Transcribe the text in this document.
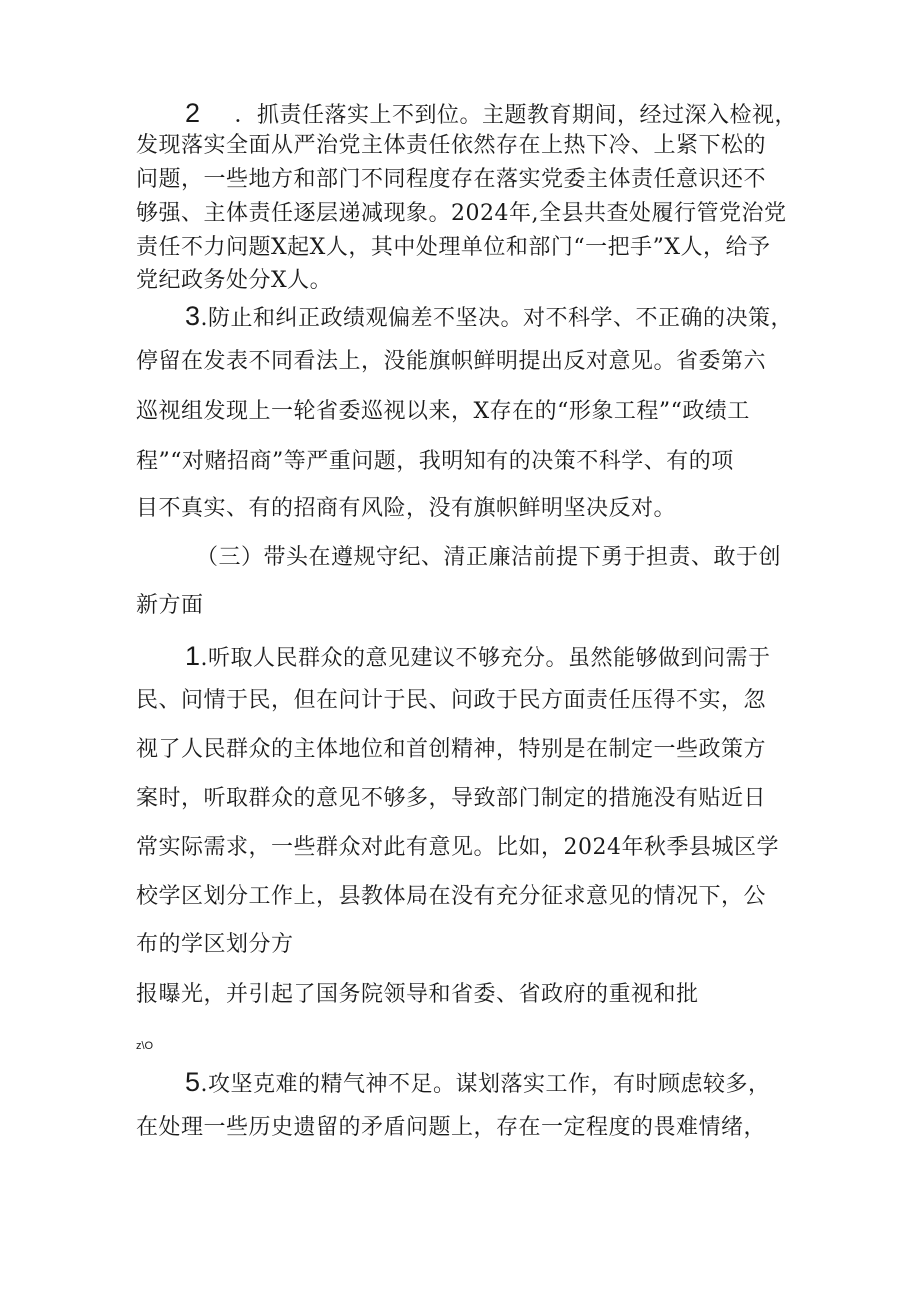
2 ．抓责任落实上不到位。主题教育期间，经过深入检视，
发现落实全面从严治党主体责任依然存在上热下冷、上紧下松的
问题，一些地方和部门不同程度存在落实党委主体责任意识还不
够强、主体责任逐层递减现象。2024年,全县共查处履行管党治党
责任不力问题X起X人，其中处理单位和部门“一把手”X人，给予
党纪政务处分X人。
3.防止和纠正政绩观偏差不坚决。对不科学、不正确的决策，
停留在发表不同看法上，没能旗帜鲜明提出反对意见。省委第六
巡视组发现上一轮省委巡视以来，X存在的“形象工程”“政绩工
程”“对赌招商”等严重问题，我明知有的决策不科学、有的项
目不真实、有的招商有风险，没有旗帜鲜明坚决反对。
（三）带头在遵规守纪、清正廉洁前提下勇于担责、敢于创
新方面
1.听取人民群众的意见建议不够充分。虽然能够做到问需于
民、问情于民，但在问计于民、问政于民方面责任压得不实，忽
视了人民群众的主体地位和首创精神，特别是在制定一些政策方
案时，听取群众的意见不够多，导致部门制定的措施没有贴近日
常实际需求，一些群众对此有意见。比如，2024年秋季县城区学
校学区划分工作上，县教体局在没有充分征求意见的情况下，公
布的学区划分方
报曝光，并引起了国务院领导和省委、省政府的重视和批
z\O
5.攻坚克难的精气神不足。谋划落实工作，有时顾虑较多，
在处理一些历史遗留的矛盾问题上，存在一定程度的畏难情绪，
